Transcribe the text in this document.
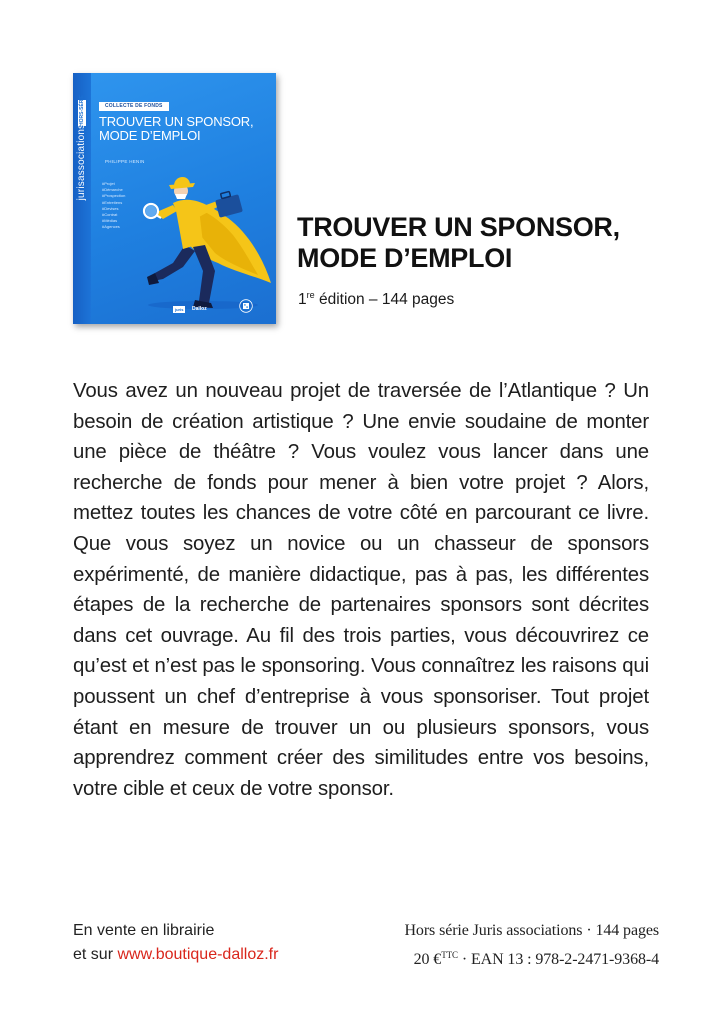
HORS-SÉRIE
jurisassociations
COLLECTE DE FONDS
TROUVER UN SPONSOR,
MODE D’EMPLOI
PHILIPPE HENIN
#Projet
#Démarche
#Prospection
#Entretiens
#Devises
#Contrat
#Médias
#Agences
juris	Dalloz
TROUVER UN SPONSOR,
MODE D’EMPLOI
1re édition – 144 pages

Vous avez un nouveau projet de traversée de l’Atlantique ? Un besoin de création artistique ? Une envie soudaine de monter une pièce de théâtre ? Vous voulez vous lancer dans une recherche de fonds pour mener à bien votre projet ? Alors, mettez toutes les chances de votre côté en parcourant ce livre. Que vous soyez un novice ou un chasseur de sponsors expérimenté, de manière didactique, pas à pas, les différentes étapes de la recherche de partenaires sponsors sont décrites dans cet ouvrage. Au fil des trois parties, vous découvrirez ce qu’est et n’est pas le sponsoring. Vous connaîtrez les raisons qui poussent un chef d’entreprise à vous sponsoriser. Tout projet étant en mesure de trouver un ou plusieurs sponsors, vous apprendrez comment créer des similitudes entre vos besoins, votre cible et ceux de votre sponsor.

En vente en librairie
et sur www.boutique-dalloz.fr
Hors série Juris associations · 144 pages
20 €$^{TTC}$ · EAN 13 : 978-2-2471-9368-4
